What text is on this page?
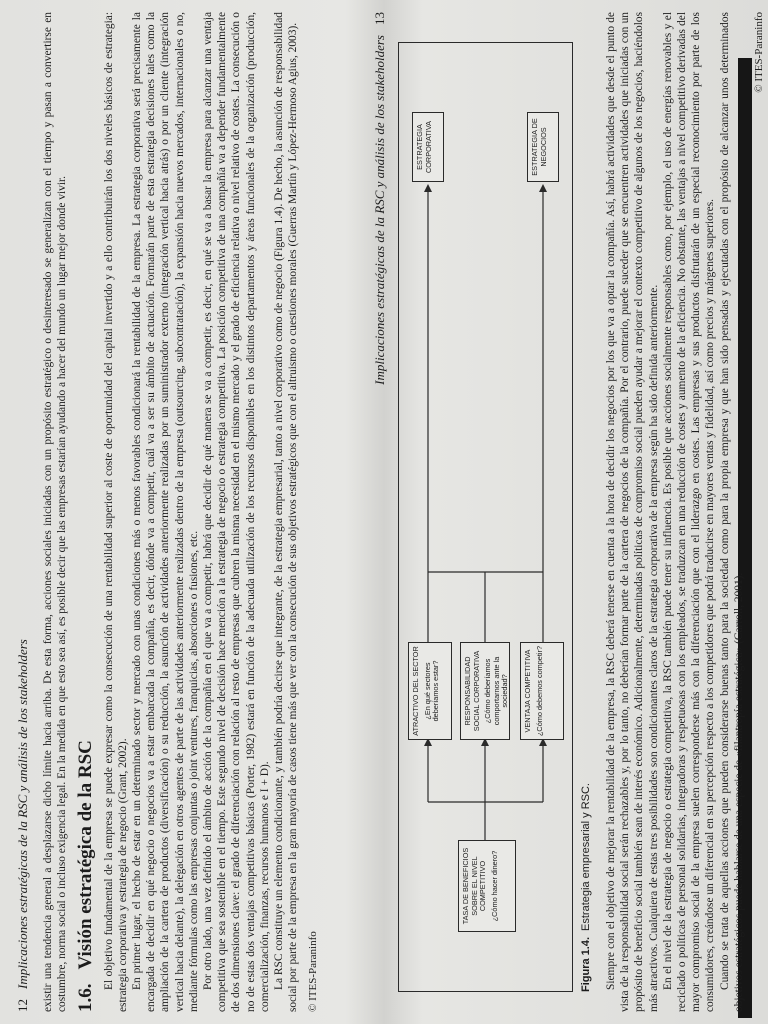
12Implicaciones estratégicas de la RSC y análisis de los stakeholders existir una tendencia general a desplazarse dicho límite hacia arriba. De esta forma, acciones sociales iniciadas con un propósito estratégico o desinteresado se generalizan con el tiempo y pasan a convertirse en costumbre, norma social o incluso exigencia legal. En la medida en que esto sea así, es posible decir que las empresas estarían ayudando a hacer del mundo un lugar mejor donde vivir. 1.6.Visión estratégica de la RSC El objetivo fundamental de la empresa se puede expresar como la consecución de una rentabilidad superior al coste de oportunidad del capital invertido y a ello contribuirán los dos niveles básicos de estrategia: estrategia corporativa y estrategia de negocio (Grant, 2002). En primer lugar, el hecho de estar en un determinado sector y mercado con unas condiciones más o menos favorables condicionará la rentabilidad de la empresa. La estrategia corporativa será precisamente la encargada de decidir en qué negocio o negocios va a estar embarcada la compañía, es decir, dónde va a competir, cuál va a ser su ámbito de actuación. Formarán parte de esta estrategia decisiones tales como la ampliación de la cartera de productos (diversificación) o su reducción, la asunción de actividades anteriormente realizadas por un suministrador externo (integración vertical hacia atrás) o por un cliente (integración vertical hacia delante), la delegación en otros agentes de parte de las actividades anteriormente realizadas dentro de la empresa (outsourcing, subcontratación), la expansión hacia nuevos mercados, internacionales o no, mediante fórmulas como las empresas conjuntas o joint ventures, franquicias, absorciones o fusiones, etc. Por otro lado, una vez definido el ámbito de acción de la compañía en el que va a competir, habrá que decidir de qué manera se va a competir, es decir, en qué se va a basar la empresa para alcanzar una ventaja competitiva que sea sostenible en el tiempo. Este segundo nivel de decisión hace mención a la estrategia de negocio o estrategia competitiva. La posición competitiva de una compañía va a depender fundamentalmente de dos dimensiones clave: el grado de diferenciación con relación al resto de empresas que cubren la misma necesidad en el mismo mercado y el grado de eficiencia relativa o nivel relativo de costes. La consecución o no de estas dos ventajas competitivas básicas (Porter, 1982) estará en función de la adecuada utilización de los recursos disponibles en los distintos departamentos y áreas funcionales de la organización (producción, comercialización, finanzas, recursos humanos e I + D). La RSC constituye un elemento condicionante, y también podría decirse que integrante, de la estrategia empresarial, tanto a nivel corporativo como de negocio (Figura 1.4). De hecho, la asunción de responsabilidad social por parte de la empresa en la gran mayoría de casos tiene más que ver con la consecución de sus objetivos estratégicos que con el altruismo o cuestiones morales (Guerras Martín y López-Hermoso Agius, 2003). © ITES-Paraninfo
Implicaciones estratégicas de la RSC y análisis de los stakeholders13
TASA DE BENEFICIOS SOBRE EL NIVEL COMPETITIVO ¿Cómo hacer dinero?
ATRACTIVO DEL SECTOR ¿En qué sectores deberíamos estar?	RESPONSABILIDAD SOCIAL CORPORATIVA ¿Cómo deberíamos comportarnos ante la sociedad? VENTAJA COMPETITIVA ¿Cómo debemos competir?
ESTRATEGIA CORPORATIVA	ESTRATEGIA DE NEGOCIOS
Figura 1.4.Estrategia empresarial y RSC. Siempre con el objetivo de mejorar la rentabilidad de la empresa, la RSC deberá tenerse en cuenta a la hora de decidir los negocios por los que va a optar la compañía. Así, habrá actividades que desde el punto de vista de la responsabilidad social serán rechazables y, por lo tanto, no deberían formar parte de la cartera de negocios de la compañía. Por el contrario, puede suceder que se encuentren actividades que iniciadas con un propósito de beneficio social también sean de interés económico. Adicionalmente, determinadas políticas de compromiso social pueden ayudar a mejorar el contexto competitivo de algunos de los negocios, haciéndolos más atractivos. Cualquiera de estas tres posibilidades son condicionantes claros de la estrategia corporativa de la empresa según ha sido definida anteriormente. En el nivel de la estrategia de negocio o estrategia competitiva, la RSC también puede tener su influencia. Es posible que acciones socialmente responsables como, por ejemplo, el uso de energías renovables y el reciclado o políticas de personal solidarias, integradoras y respetuosas con los empleados, se traduzcan en una reducción de costes y aumento de la eficiencia. No obstante, las ventajas a nivel competitivo derivadas del mayor compromiso social de la empresa suelen corresponderse más con la diferenciación que con el liderazgo en costes. Las empresas y sus productos disfrutarán de un especial reconocimiento por parte de los consumidores, creándose un diferencial en su percepción respecto a los competidores que podrá traducirse en mayores ventas y fidelidad, así como precios y márgenes superiores. Cuando se trata de aquellas acciones que pueden considerarse buenas tanto para la sociedad como para la propia empresa y que han sido pensadas y ejecutadas con el propósito de alcanzar unos determinados objetivos estratégicos puede hablarse de una especie de «filantropía estratégica» (Carroll, 2001).

© ITES-Paraninfo
